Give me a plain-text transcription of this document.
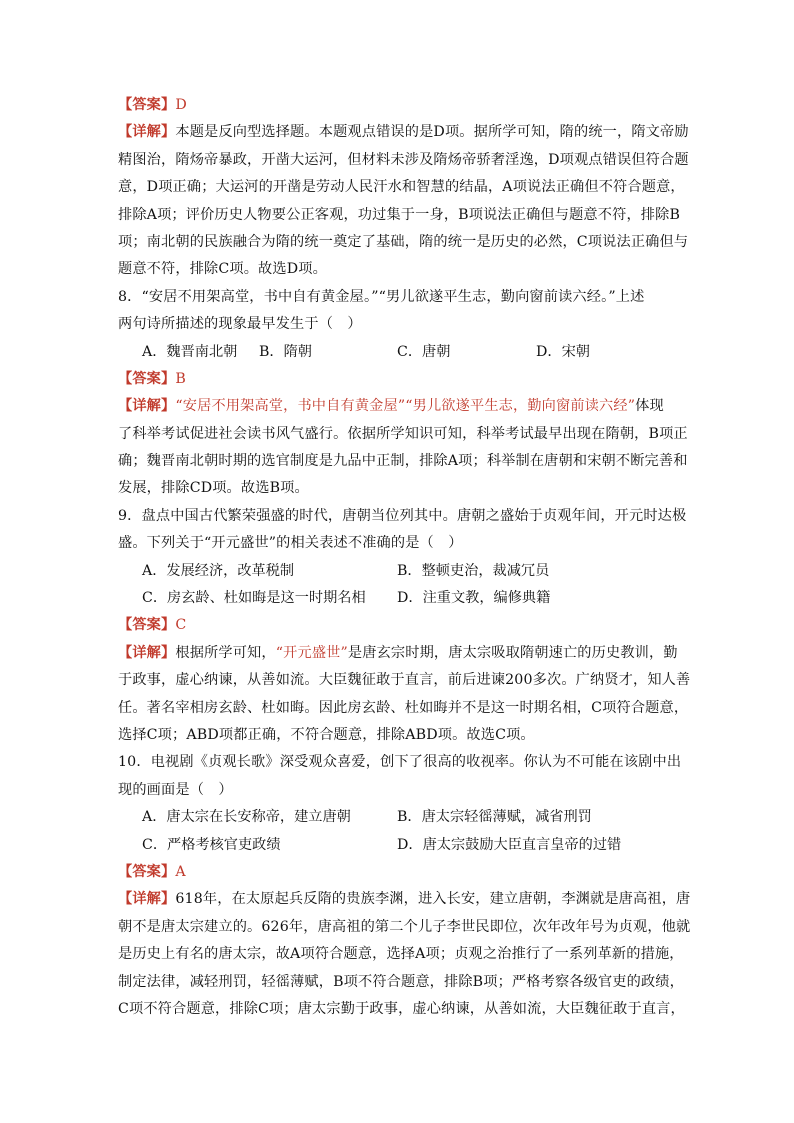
【答案】D
【详解】本题是反向型选择题。本题观点错误的是D项。据所学可知，隋的统一，隋文帝励
精图治，隋炀帝暴政，开凿大运河，但材料未涉及隋炀帝骄奢淫逸，D项观点错误但符合题
意，D项正确；大运河的开凿是劳动人民汗水和智慧的结晶，A项说法正确但不符合题意，
排除A项；评价历史人物要公正客观，功过集于一身，B项说法正确但与题意不符，排除B
项；南北朝的民族融合为隋的统一奠定了基础，隋的统一是历史的必然，C项说法正确但与
题意不符，排除C项。故选D项。
8．“安居不用架高堂，书中自有黄金屋。”“男儿欲遂平生志，勤向窗前读六经。”上述
两句诗所描述的现象最早发生于（　）
A．魏晋南北朝 B．隋朝	C．唐朝	D．宋朝
【答案】B
【详解】“安居不用架高堂，书中自有黄金屋”“男儿欲遂平生志，勤向窗前读六经”体现
了科举考试促进社会读书风气盛行。依据所学知识可知，科举考试最早出现在隋朝，B项正
确；魏晋南北朝时期的选官制度是九品中正制，排除A项；科举制在唐朝和宋朝不断完善和
发展，排除CD项。故选B项。
9．盘点中国古代繁荣强盛的时代，唐朝当位列其中。唐朝之盛始于贞观年间，开元时达极
盛。下列关于“开元盛世”的相关表述不准确的是（　）
A．发展经济，改革税制	B．整顿吏治，裁减冗员
C．房玄龄、杜如晦是这一时期名相 D．注重文教，编修典籍
【答案】C
【详解】根据所学可知，“开元盛世”是唐玄宗时期，唐太宗吸取隋朝速亡的历史教训，勤
于政事，虚心纳谏，从善如流。大臣魏征敢于直言，前后进谏200多次。广纳贤才，知人善
任。著名宰相房玄龄、杜如晦。因此房玄龄、杜如晦并不是这一时期名相，C项符合题意，
选择C项；ABD项都正确，不符合题意，排除ABD项。故选C项。
10．电视剧《贞观长歌》深受观众喜爱，创下了很高的收视率。你认为不可能在该剧中出
现的画面是（　）
A．唐太宗在长安称帝，建立唐朝	B．唐太宗轻徭薄赋，减省刑罚
C．严格考核官吏政绩	D．唐太宗鼓励大臣直言皇帝的过错
【答案】A
【详解】618年，在太原起兵反隋的贵族李渊，进入长安，建立唐朝，李渊就是唐高祖，唐
朝不是唐太宗建立的。626年，唐高祖的第二个儿子李世民即位，次年改年号为贞观，他就
是历史上有名的唐太宗，故A项符合题意，选择A项；贞观之治推行了一系列革新的措施，
制定法律，减轻刑罚，轻徭薄赋，B项不符合题意，排除B项；严格考察各级官吏的政绩，
C项不符合题意，排除C项；唐太宗勤于政事，虚心纳谏，从善如流，大臣魏征敢于直言，
